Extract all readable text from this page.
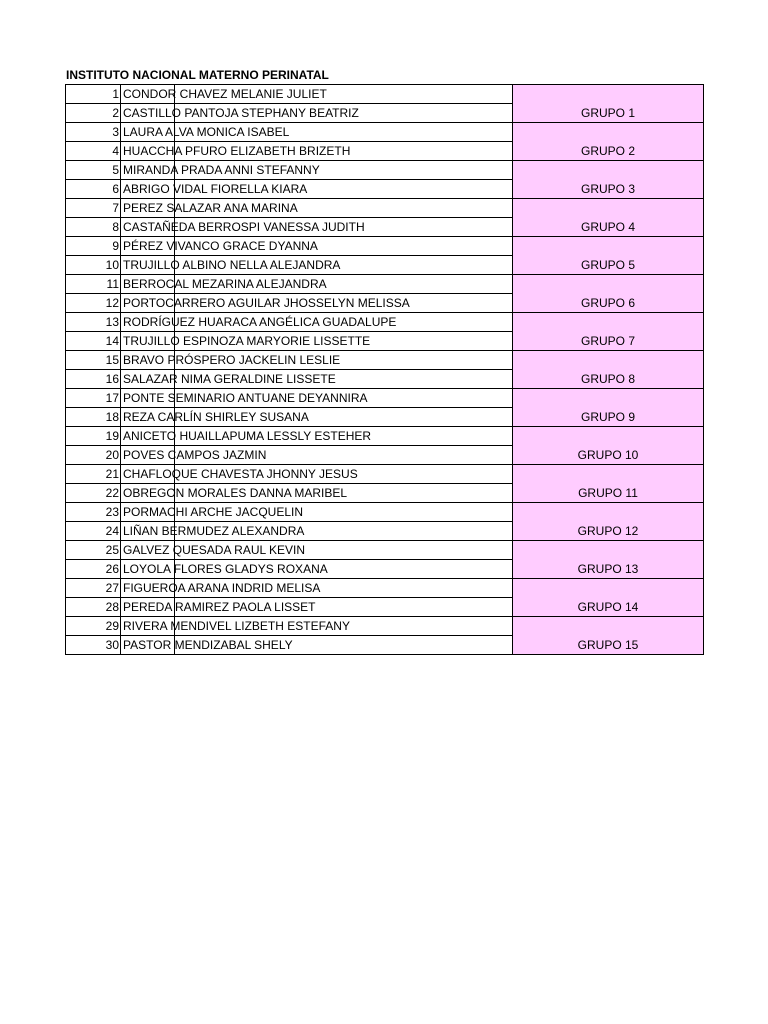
INSTITUTO NACIONAL MATERNO PERINATAL
1	CONDOR CHAVEZ MELANIE JULIET	GRUPO 1
2	CASTILLO PANTOJA STEPHANY BEATRIZ	
3	LAURA ALVA MONICA ISABEL	GRUPO 2
4	HUACCHA PFURO ELIZABETH BRIZETH	
5	MIRANDA PRADA ANNI STEFANNY	GRUPO 3
6	ABRIGO VIDAL FIORELLA KIARA	
7	PEREZ SALAZAR ANA MARINA	GRUPO 4
8	CASTAÑEDA BERROSPI VANESSA JUDITH	
9	PÉREZ VIVANCO GRACE DYANNA	GRUPO 5
10	TRUJILLO ALBINO NELLA ALEJANDRA	
11	BERROCAL MEZARINA ALEJANDRA	GRUPO 6
12	PORTOCARRERO AGUILAR JHOSSELYN MELISSA	
13	RODRÍGUEZ HUARACA ANGÉLICA GUADALUPE	GRUPO 7
14	TRUJILLO ESPINOZA MARYORIE LISSETTE	
15	BRAVO PRÓSPERO JACKELIN LESLIE	GRUPO 8
16	SALAZAR NIMA GERALDINE LISSETE	
17	PONTE SEMINARIO ANTUANE DEYANNIRA	GRUPO 9
18	REZA CARLÍN SHIRLEY SUSANA	
19	ANICETO HUAILLAPUMA LESSLY ESTEHER	GRUPO 10
20	POVES CAMPOS JAZMIN	
21	CHAFLOQUE CHAVESTA JHONNY JESUS	GRUPO 11
22	OBREGON MORALES DANNA MARIBEL	
23	PORMACHI ARCHE JACQUELIN	GRUPO 12
24	LIÑAN BERMUDEZ ALEXANDRA	
25	GALVEZ QUESADA RAUL KEVIN	GRUPO 13
26	LOYOLA FLORES GLADYS ROXANA	
27	FIGUEROA ARANA INDRID MELISA	GRUPO 14
28	PEREDA RAMIREZ PAOLA LISSET	
29	RIVERA MENDIVEL LIZBETH ESTEFANY	GRUPO 15
30	PASTOR MENDIZABAL SHELY	
